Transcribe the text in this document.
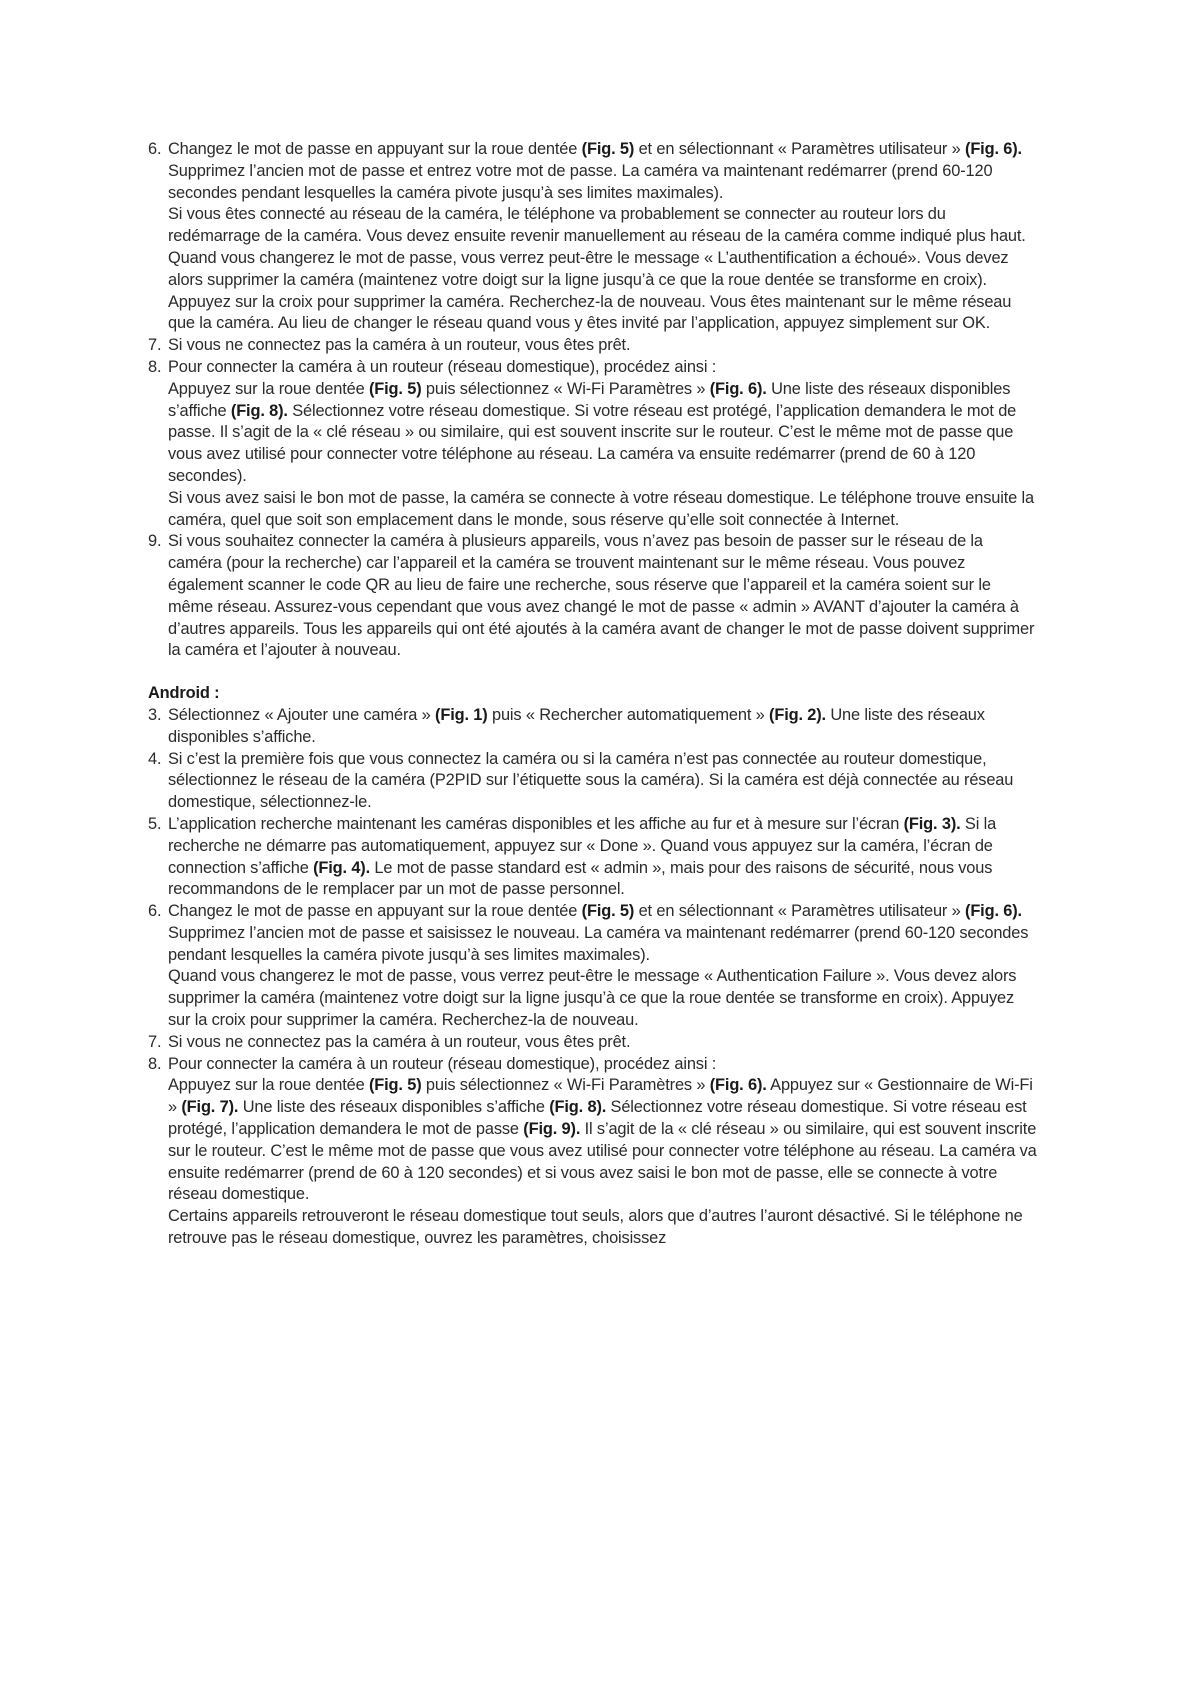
6. Changez le mot de passe en appuyant sur la roue dentée (Fig. 5) et en sélectionnant « Paramètres utilisateur » (Fig. 6). Supprimez l’ancien mot de passe et entrez votre mot de passe. La caméra va maintenant redémarrer (prend 60-120 secondes pendant lesquelles la caméra pivote jusqu’à ses limites maximales).

Si vous êtes connecté au réseau de la caméra, le téléphone va probablement se connecter au routeur lors du redémarrage de la caméra. Vous devez ensuite revenir manuellement au réseau de la caméra comme indiqué plus haut. Quand vous changerez le mot de passe, vous verrez peut-être le message « L’authentification a échoué». Vous devez alors supprimer la caméra (maintenez votre doigt sur la ligne jusqu’à ce que la roue dentée se transforme en croix). Appuyez sur la croix pour supprimer la caméra. Recherchez-la de nouveau. Vous êtes maintenant sur le même réseau que la caméra. Au lieu de changer le réseau quand vous y êtes invité par l’application, appuyez simplement sur OK.

7. Si vous ne connectez pas la caméra à un routeur, vous êtes prêt.

8. Pour connecter la caméra à un routeur (réseau domestique), procédez ainsi :

Appuyez sur la roue dentée (Fig. 5) puis sélectionnez « Wi-Fi Paramètres » (Fig. 6). Une liste des réseaux disponibles s’affiche (Fig. 8). Sélectionnez votre réseau domestique. Si votre réseau est protégé, l’application demandera le mot de passe. Il s’agit de la « clé réseau » ou similaire, qui est souvent inscrite sur le routeur. C’est le même mot de passe que vous avez utilisé pour connecter votre téléphone au réseau. La caméra va ensuite redémarrer (prend de 60 à 120 secondes).

Si vous avez saisi le bon mot de passe, la caméra se connecte à votre réseau domestique. Le téléphone trouve ensuite la caméra, quel que soit son emplacement dans le monde, sous réserve qu’elle soit connectée à Internet.

9. Si vous souhaitez connecter la caméra à plusieurs appareils, vous n’avez pas besoin de passer sur le réseau de la caméra (pour la recherche) car l’appareil et la caméra se trouvent maintenant sur le même réseau. Vous pouvez également scanner le code QR au lieu de faire une recherche, sous réserve que l’appareil et la caméra soient sur le même réseau. Assurez-vous cependant que vous avez changé le mot de passe « admin » AVANT d’ajouter la caméra à d’autres appareils. Tous les appareils qui ont été ajoutés à la caméra avant de changer le mot de passe doivent supprimer la caméra et l’ajouter à nouveau.

Android :
3. Sélectionnez « Ajouter une caméra » (Fig. 1) puis « Rechercher automatiquement » (Fig. 2). Une liste des réseaux disponibles s’affiche.

4. Si c’est la première fois que vous connectez la caméra ou si la caméra n’est pas connectée au routeur domestique, sélectionnez le réseau de la caméra (P2PID sur l’étiquette sous la caméra). Si la caméra est déjà connectée au réseau domestique, sélectionnez-le.

5. L’application recherche maintenant les caméras disponibles et les affiche au fur et à mesure sur l’écran (Fig. 3). Si la recherche ne démarre pas automatiquement, appuyez sur « Done ». Quand vous appuyez sur la caméra, l’écran de connection s’affiche (Fig. 4). Le mot de passe standard est « admin », mais pour des raisons de sécurité, nous vous recommandons de le remplacer par un mot de passe personnel.

6. Changez le mot de passe en appuyant sur la roue dentée (Fig. 5) et en sélectionnant « Paramètres utilisateur » (Fig. 6). Supprimez l’ancien mot de passe et saisissez le nouveau. La caméra va maintenant redémarrer (prend 60-120 secondes pendant lesquelles la caméra pivote jusqu’à ses limites maximales).

Quand vous changerez le mot de passe, vous verrez peut-être le message « Authentication Failure ». Vous devez alors supprimer la caméra (maintenez votre doigt sur la ligne jusqu’à ce que la roue dentée se transforme en croix). Appuyez sur la croix pour supprimer la caméra. Recherchez-la de nouveau.

7. Si vous ne connectez pas la caméra à un routeur, vous êtes prêt.

8. Pour connecter la caméra à un routeur (réseau domestique), procédez ainsi :

Appuyez sur la roue dentée (Fig. 5) puis sélectionnez « Wi-Fi Paramètres » (Fig. 6). Appuyez sur « Gestionnaire de Wi-Fi » (Fig. 7). Une liste des réseaux disponibles s’affiche (Fig. 8). Sélectionnez votre réseau domestique. Si votre réseau est protégé, l’application demandera le mot de passe (Fig. 9). Il s’agit de la « clé réseau » ou similaire, qui est souvent inscrite sur le routeur. C’est le même mot de passe que vous avez utilisé pour connecter votre téléphone au réseau. La caméra va ensuite redémarrer (prend de 60 à 120 secondes) et si vous avez saisi le bon mot de passe, elle se connecte à votre réseau domestique.

Certains appareils retrouveront le réseau domestique tout seuls, alors que d’autres l’auront désactivé. Si le téléphone ne retrouve pas le réseau domestique, ouvrez les paramètres, choisissez
